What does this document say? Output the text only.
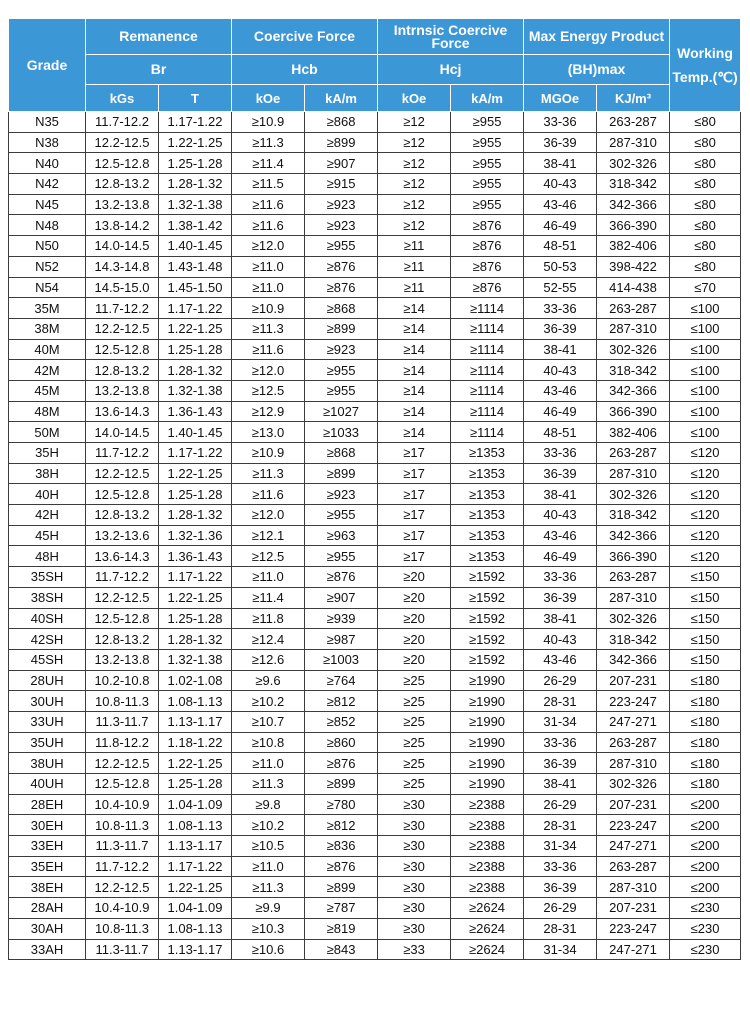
Grade	Remanence		Coercive Force		Intrnsic Coercive Force		Max Energy Product		Working
Temp.(℃)

	Br		Hcb		Hcj		(BH)max		
	kGs	T	kOe	kA/m	kOe	kA/m	MGOe	KJ/m³	
N35	11.7-12.2	1.17-1.22	≥10.9	≥868	≥12	≥955	33-36	263-287	≤80
N38	12.2-12.5	1.22-1.25	≥11.3	≥899	≥12	≥955	36-39	287-310	≤80
N40	12.5-12.8	1.25-1.28	≥11.4	≥907	≥12	≥955	38-41	302-326	≤80
N42	12.8-13.2	1.28-1.32	≥11.5	≥915	≥12	≥955	40-43	318-342	≤80
N45	13.2-13.8	1.32-1.38	≥11.6	≥923	≥12	≥955	43-46	342-366	≤80
N48	13.8-14.2	1.38-1.42	≥11.6	≥923	≥12	≥876	46-49	366-390	≤80
N50	14.0-14.5	1.40-1.45	≥12.0	≥955	≥11	≥876	48-51	382-406	≤80
N52	14.3-14.8	1.43-1.48	≥11.0	≥876	≥11	≥876	50-53	398-422	≤80
N54	14.5-15.0	1.45-1.50	≥11.0	≥876	≥11	≥876	52-55	414-438	≤70
35M	11.7-12.2	1.17-1.22	≥10.9	≥868	≥14	≥1114	33-36	263-287	≤100
38M	12.2-12.5	1.22-1.25	≥11.3	≥899	≥14	≥1114	36-39	287-310	≤100
40M	12.5-12.8	1.25-1.28	≥11.6	≥923	≥14	≥1114	38-41	302-326	≤100
42M	12.8-13.2	1.28-1.32	≥12.0	≥955	≥14	≥1114	40-43	318-342	≤100
45M	13.2-13.8	1.32-1.38	≥12.5	≥955	≥14	≥1114	43-46	342-366	≤100
48M	13.6-14.3	1.36-1.43	≥12.9	≥1027	≥14	≥1114	46-49	366-390	≤100
50M	14.0-14.5	1.40-1.45	≥13.0	≥1033	≥14	≥1114	48-51	382-406	≤100
35H	11.7-12.2	1.17-1.22	≥10.9	≥868	≥17	≥1353	33-36	263-287	≤120
38H	12.2-12.5	1.22-1.25	≥11.3	≥899	≥17	≥1353	36-39	287-310	≤120
40H	12.5-12.8	1.25-1.28	≥11.6	≥923	≥17	≥1353	38-41	302-326	≤120
42H	12.8-13.2	1.28-1.32	≥12.0	≥955	≥17	≥1353	40-43	318-342	≤120
45H	13.2-13.6	1.32-1.36	≥12.1	≥963	≥17	≥1353	43-46	342-366	≤120
48H	13.6-14.3	1.36-1.43	≥12.5	≥955	≥17	≥1353	46-49	366-390	≤120
35SH	11.7-12.2	1.17-1.22	≥11.0	≥876	≥20	≥1592	33-36	263-287	≤150
38SH	12.2-12.5	1.22-1.25	≥11.4	≥907	≥20	≥1592	36-39	287-310	≤150
40SH	12.5-12.8	1.25-1.28	≥11.8	≥939	≥20	≥1592	38-41	302-326	≤150
42SH	12.8-13.2	1.28-1.32	≥12.4	≥987	≥20	≥1592	40-43	318-342	≤150
45SH	13.2-13.8	1.32-1.38	≥12.6	≥1003	≥20	≥1592	43-46	342-366	≤150
28UH	10.2-10.8	1.02-1.08	≥9.6	≥764	≥25	≥1990	26-29	207-231	≤180
30UH	10.8-11.3	1.08-1.13	≥10.2	≥812	≥25	≥1990	28-31	223-247	≤180
33UH	11.3-11.7	1.13-1.17	≥10.7	≥852	≥25	≥1990	31-34	247-271	≤180
35UH	11.8-12.2	1.18-1.22	≥10.8	≥860	≥25	≥1990	33-36	263-287	≤180
38UH	12.2-12.5	1.22-1.25	≥11.0	≥876	≥25	≥1990	36-39	287-310	≤180
40UH	12.5-12.8	1.25-1.28	≥11.3	≥899	≥25	≥1990	38-41	302-326	≤180
28EH	10.4-10.9	1.04-1.09	≥9.8	≥780	≥30	≥2388	26-29	207-231	≤200
30EH	10.8-11.3	1.08-1.13	≥10.2	≥812	≥30	≥2388	28-31	223-247	≤200
33EH	11.3-11.7	1.13-1.17	≥10.5	≥836	≥30	≥2388	31-34	247-271	≤200
35EH	11.7-12.2	1.17-1.22	≥11.0	≥876	≥30	≥2388	33-36	263-287	≤200
38EH	12.2-12.5	1.22-1.25	≥11.3	≥899	≥30	≥2388	36-39	287-310	≤200
28AH	10.4-10.9	1.04-1.09	≥9.9	≥787	≥30	≥2624	26-29	207-231	≤230
30AH	10.8-11.3	1.08-1.13	≥10.3	≥819	≥30	≥2624	28-31	223-247	≤230
33AH	11.3-11.7	1.13-1.17	≥10.6	≥843	≥33	≥2624	31-34	247-271	≤230
